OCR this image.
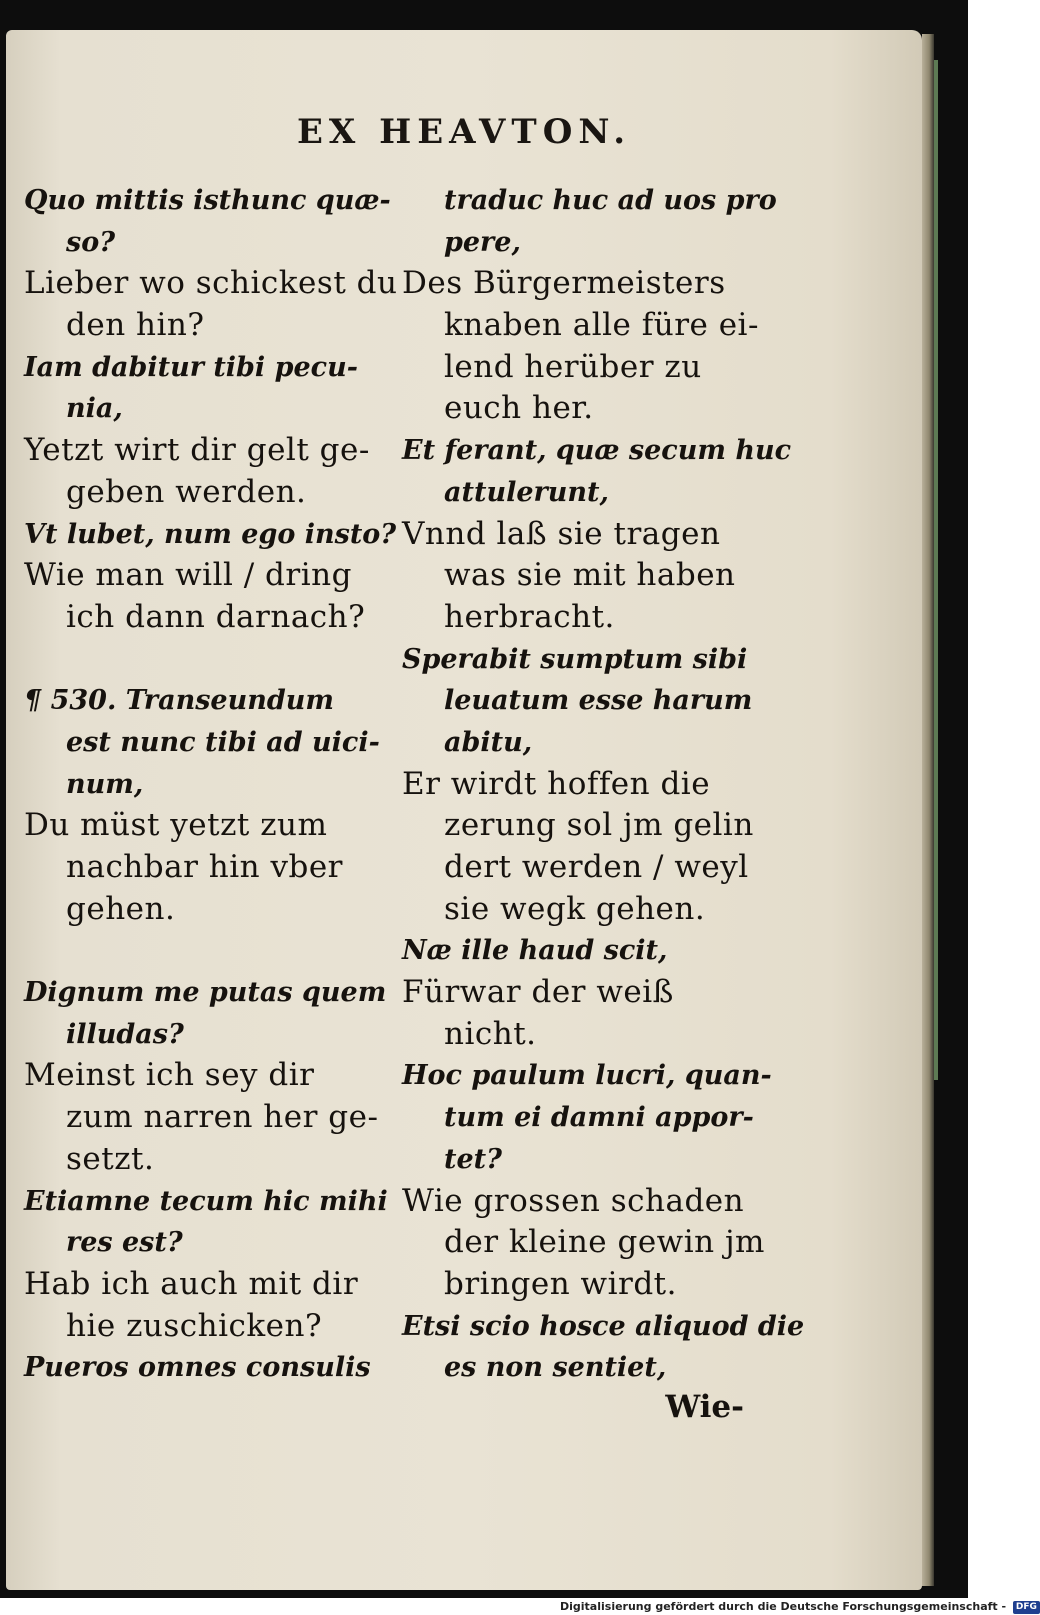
EX HEAVTON.
Quo mittis isthunc quæ-
so?
Lieber wo schickest du
den hin?
Iam dabitur tibi pecu-
nia,
Yetzt wirt dir gelt ge-
geben werden.
Vt lubet, num ego insto?
Wie man will / dring
ich dann darnach?
¶ 530. Transeundum
est nunc tibi ad uici-
num,
Du müst yetzt zum
nachbar hin vber
gehen.
Dignum me putas quem
illudas?
Meinst ich sey dir
zum narren her ge-
setzt.
Etiamne tecum hic mihi
res est?
Hab ich auch mit dir
hie zuschicken?
Pueros omnes consulis
traduc huc ad uos pro
pere,
Des Bürgermeisters
knaben alle füre ei-
lend herüber zu
euch her.
Et ferant, quæ secum huc
attulerunt,
Vnnd laß sie tragen
was sie mit haben
herbracht.
Sperabit sumptum sibi
leuatum esse harum
abitu,
Er wirdt hoffen die
zerung sol jm gelin
dert werden / weyl
sie wegk gehen.
Næ ille haud scit,
Fürwar der weiß
nicht.
Hoc paulum lucri, quan-
tum ei damni appor-
tet?
Wie grossen schaden
der kleine gewin jm
bringen wirdt.
Etsi scio hosce aliquod die
es non sentiet,
Wie-
Digitalisierung gefördert durch die Deutsche Forschungsgemeinschaft - DFG
